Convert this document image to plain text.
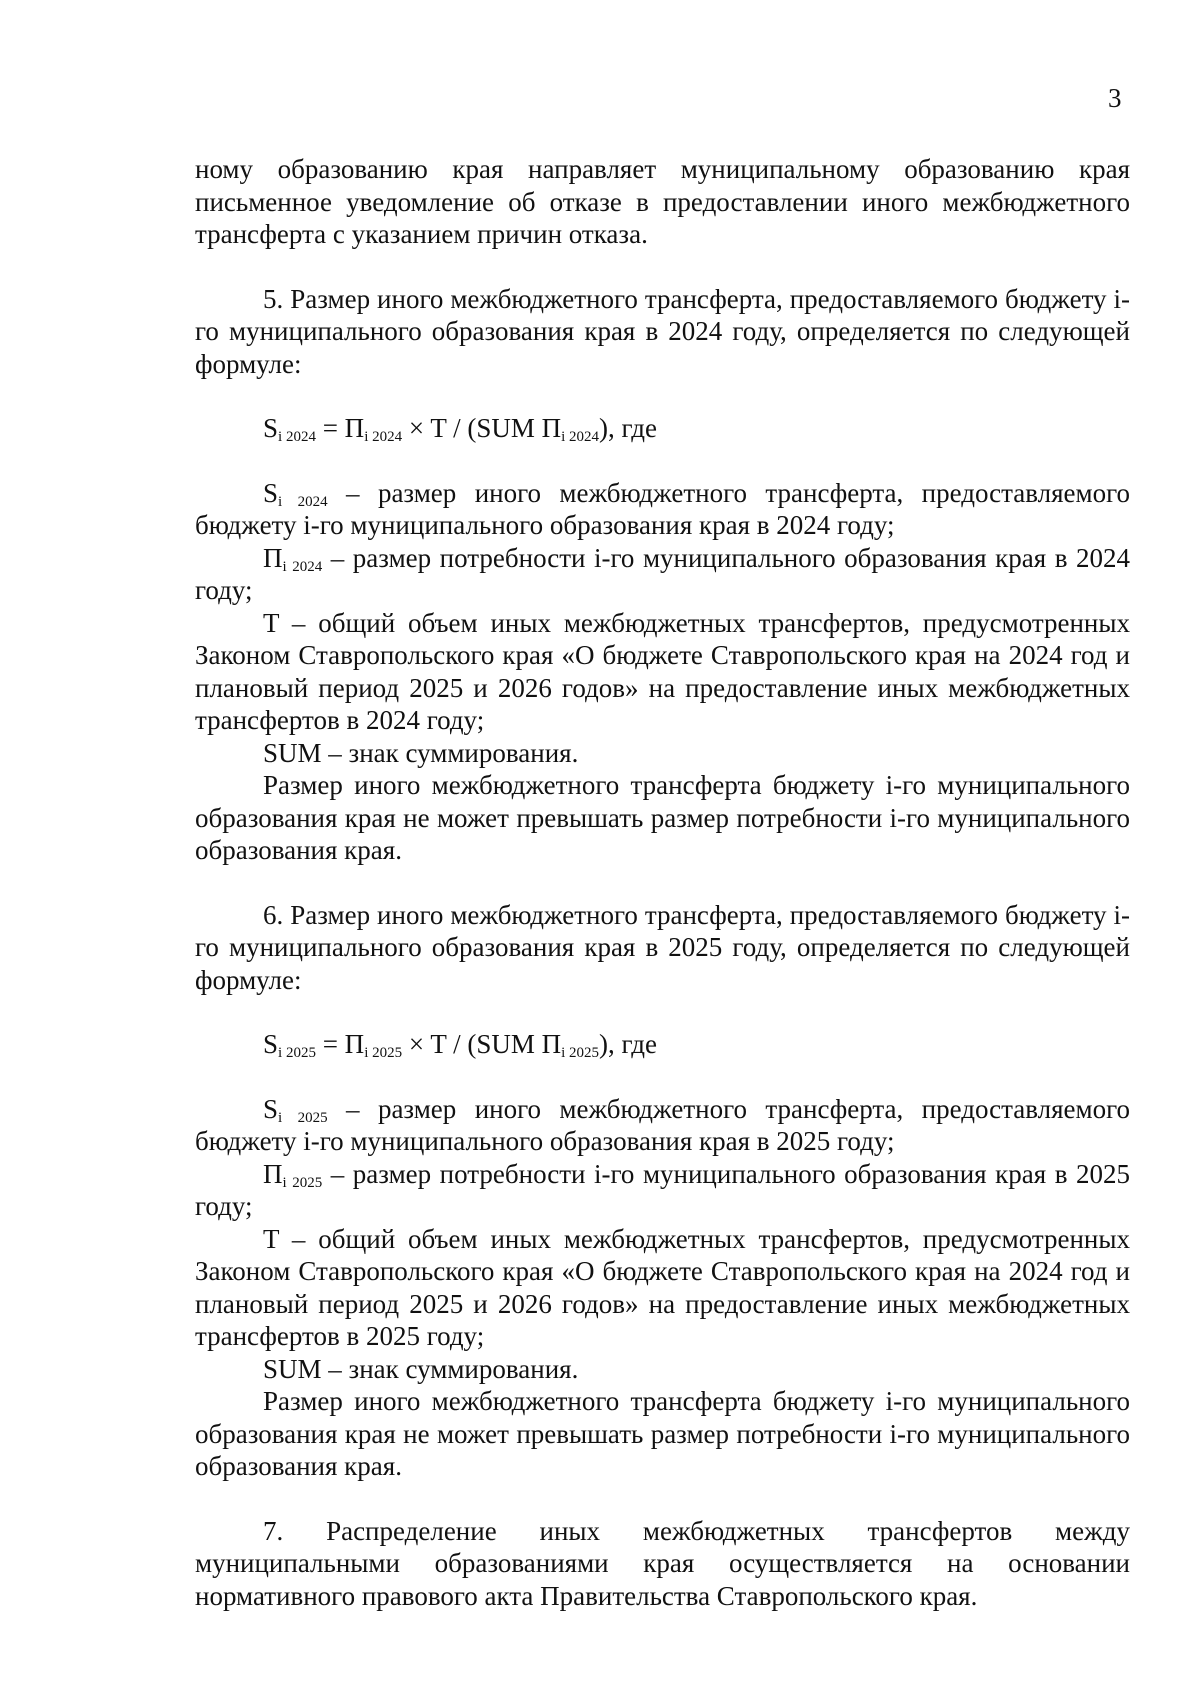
3

ному образованию края направляет муниципальному образованию края письменное уведомление об отказе в предоставлении иного межбюджетного трансферта с указанием причин отказа.

5. Размер иного межбюджетного трансферта, предоставляемого бюджету i-го муниципального образования края в 2024 году, определяется по следующей формуле:

$S_{i 2024} = П_{i 2024} \times T / (SUM$ $П_{i 2024}$), где

$S_{i 2024}$ – размер иного межбюджетного трансферта, предоставляемого бюджету i-го муниципального образования края в 2024 году;

$П_{i 2024}$ – размер потребности i-го муниципального образования края в 2024 году;

T – общий объем иных межбюджетных трансфертов, предусмотренных Законом Ставропольского края «О бюджете Ставропольского края на 2024 год и плановый период 2025 и 2026 годов» на предоставление иных межбюджетных трансфертов в 2024 году;

SUM – знак суммирования.

Размер иного межбюджетного трансферта бюджету i-го муниципального образования края не может превышать размер потребности i-го муниципального образования края.

6. Размер иного межбюджетного трансферта, предоставляемого бюджету i-го муниципального образования края в 2025 году, определяется по следующей формуле:

$S_{i 2025} = П_{i 2025} \times T / (SUM$ $П_{i 2025}$), где

$S_{i 2025}$ – размер иного межбюджетного трансферта, предоставляемого бюджету i-го муниципального образования края в 2025 году;

$П_{i 2025}$ – размер потребности i-го муниципального образования края в 2025 году;

T – общий объем иных межбюджетных трансфертов, предусмотренных Законом Ставропольского края «О бюджете Ставропольского края на 2024 год и плановый период 2025 и 2026 годов» на предоставление иных межбюджетных трансфертов в 2025 году;

SUM – знак суммирования.

Размер иного межбюджетного трансферта бюджету i-го муниципального образования края не может превышать размер потребности i-го муниципального образования края.

7. Распределение иных межбюджетных трансфертов между муниципальными образованиями края осуществляется на основании нормативного правового акта Правительства Ставропольского края.
